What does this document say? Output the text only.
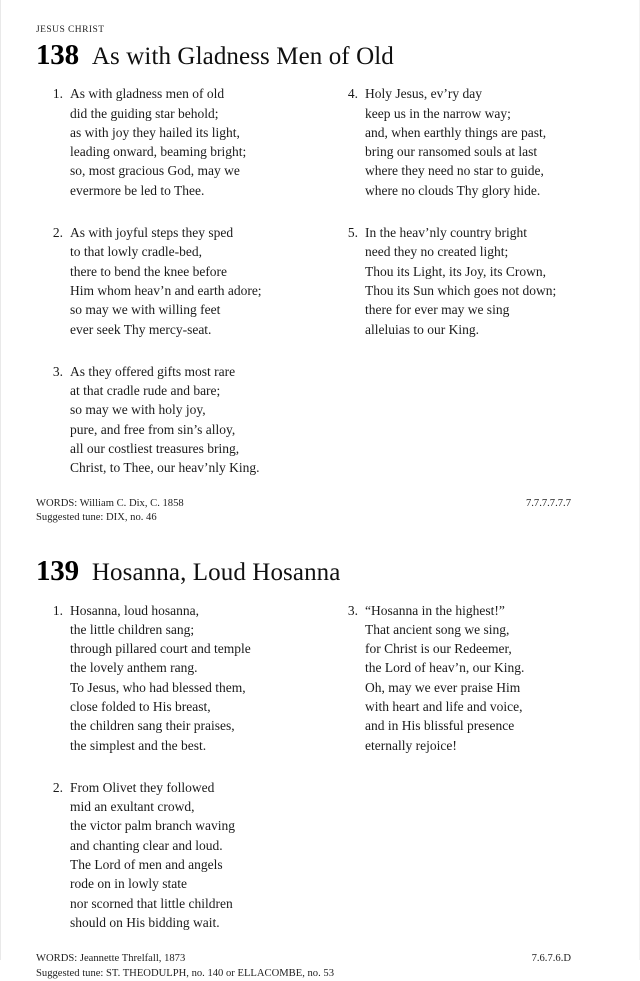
JESUS CHRIST
138 As with Gladness Men of Old
1. As with gladness men of old
did the guiding star behold;
as with joy they hailed its light,
leading onward, beaming bright;
so, most gracious God, may we
evermore be led to Thee.
2. As with joyful steps they sped
to that lowly cradle-bed,
there to bend the knee before
Him whom heav’n and earth adore;
so may we with willing feet
ever seek Thy mercy-seat.
3. As they offered gifts most rare
at that cradle rude and bare;
so may we with holy joy,
pure, and free from sin’s alloy,
all our costliest treasures bring,
Christ, to Thee, our heav’nly King.
4. Holy Jesus, ev’ry day
keep us in the narrow way;
and, when earthly things are past,
bring our ransomed souls at last
where they need no star to guide,
where no clouds Thy glory hide.
5. In the heav’nly country bright
need they no created light;
Thou its Light, its Joy, its Crown,
Thou its Sun which goes not down;
there for ever may we sing
alleluias to our King.
WORDS: William C. Dix, C. 1858	7.7.7.7.7.7
Suggested tune: DIX, no. 46
139 Hosanna, Loud Hosanna
1. Hosanna, loud hosanna,
the little children sang;
through pillared court and temple
the lovely anthem rang.
To Jesus, who had blessed them,
close folded to His breast,
the children sang their praises,
the simplest and the best.
2. From Olivet they followed
mid an exultant crowd,
the victor palm branch waving
and chanting clear and loud.
The Lord of men and angels
rode on in lowly state
nor scorned that little children
should on His bidding wait.
3. “Hosanna in the highest!”
That ancient song we sing,
for Christ is our Redeemer,
the Lord of heav’n, our King.
Oh, may we ever praise Him
with heart and life and voice,
and in His blissful presence
eternally rejoice!
WORDS: Jeannette Threlfall, 1873	7.6.7.6.D
Suggested tune: ST. THEODULPH, no. 140 or ELLACOMBE, no. 53
